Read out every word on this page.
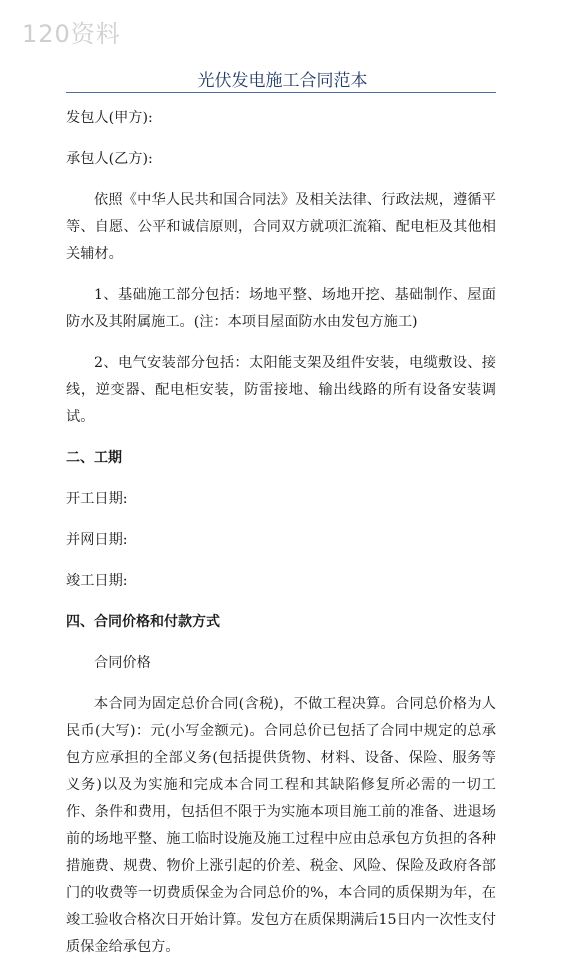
120资料
光伏发电施工合同范本

发包人(甲方):

承包人(乙方):

依照《中华人民共和国合同法》及相关法律、行政法规，遵循平等、自愿、公平和诚信原则，合同双方就项汇流箱、配电柜及其他相关辅材。

1、基础施工部分包括：场地平整、场地开挖、基础制作、屋面防水及其附属施工。(注：本项目屋面防水由发包方施工)

2、电气安装部分包括：太阳能支架及组件安装，电缆敷设、接线，逆变器、配电柜安装，防雷接地、输出线路的所有设备安装调试。

二、工期

开工日期:

并网日期:

竣工日期:

四、合同价格和付款方式

合同价格

本合同为固定总价合同(含税)，不做工程决算。合同总价格为人民币(大写)：元(小写金额元)。合同总价已包括了合同中规定的总承包方应承担的全部义务(包括提供货物、材料、设备、保险、服务等义务)以及为实施和完成本合同工程和其缺陷修复所必需的一切工作、条件和费用，包括但不限于为实施本项目施工前的准备、进退场前的场地平整、施工临时设施及施工过程中应由总承包方负担的各种措施费、规费、物价上涨引起的价差、税金、风险、保险及政府各部门的收费等一切费质保金为合同总价的%，本合同的质保期为年，在竣工验收合格次日开始计算。发包方在质保期满后15日内一次性支付质保金给承包方。
